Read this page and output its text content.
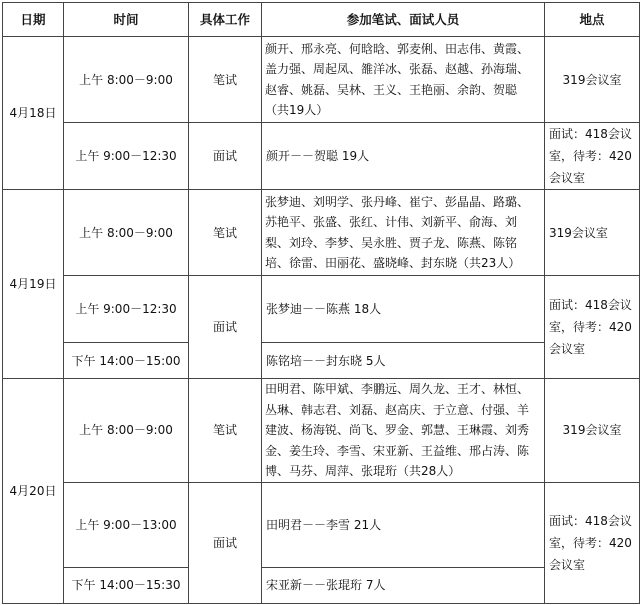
日期	时间	具体工作	参加笔试、面试人员	地点
4月18日	上午 8:00－9:00	笔试	颜开、邢永亮、何晗晗、郭麦俐、田志伟、黄霞、盖力强、周起凤、雒洋冰、张磊、赵越、孙海瑞、赵睿、姚磊、吴林、王义、王艳丽、余韵、贺聪（共19人）	319会议室
	上午 9:00－12:30	面试	颜开－－贺聪 19人	面试：418会议室，待考：420会议室
4月19日	上午 8:00－9:00	笔试	张梦迪、刘明学、张丹峰、崔宁、彭晶晶、路璐、苏艳平、张盛、张红、计伟、刘新平、俞海、刘梨、刘玲、李梦、吴永胜、贾子龙、陈燕、陈铭培、徐雷、田丽花、盛晓峰、封东晓（共23人）	319会议室
	上午 9:00－12:30	面试	张梦迪－－陈燕 18人	面试：418会议室，待考：420会议室
	下午 14:00－15:00		陈铭培－－封东晓 5人	
4月20日	上午 8:00－9:00	笔试	田明君、陈甲斌、李鹏远、周久龙、王才、林恒、丛琳、韩志君、刘磊、赵高庆、于立意、付强、羊建波、杨海锐、尚飞、罗金、郭慧、王琳霞、刘秀金、姜生玲、李雪、宋亚新、王益维、邢占涛、陈博、马芬、周萍、张琨珩（共28人）	319会议室
	上午 9:00－13:00	面试	田明君－－李雪 21人	面试：418会议室，待考：420会议室
	下午 14:00－15:30		宋亚新－－张琨珩 7人	
